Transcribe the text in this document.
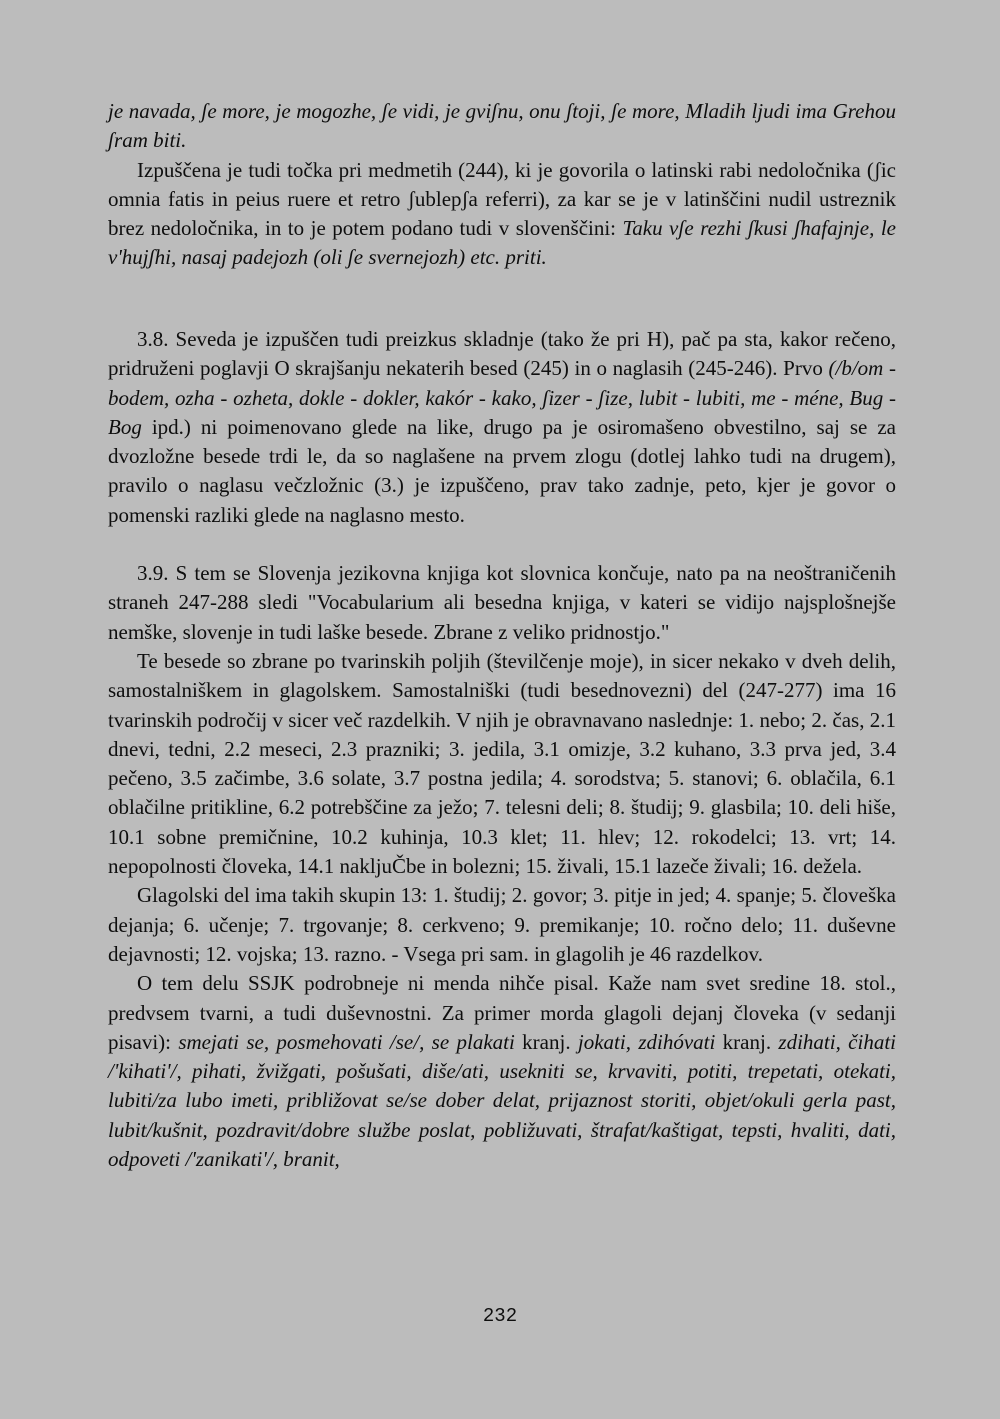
je navada, ʃe more, je mogozhe, ʃe vidi, je gviʃnu, onu ʃtoji, ʃe more, Mladih ljudi ima Grehou ʃram biti.

Izpuščena je tudi točka pri medmetih (244), ki je govorila o latinski rabi nedoločnika (ʃic omnia fatis in peius ruere et retro ʃublepʃa referri), za kar se je v latinščini nudil ustreznik brez nedoločnika, in to je potem podano tudi v slovenščini: Taku vʃe rezhi ʃkusi ʃhafajnje, le v'hujʃhi, nasaj padejozh (oli ʃe svernejozh) etc. priti.

3.8. Seveda je izpuščen tudi preizkus skladnje (tako že pri H), pač pa sta, kakor rečeno, pridruženi poglavji O skrajšanju nekaterih besed (245) in o naglasih (245-246). Prvo (/b/om - bodem, ozha - ozheta, dokle - dokler, kakór - kako, ʃizer - ʃize, lubit - lubiti, me - méne, Bug - Bog ipd.) ni poimenovano glede na like, drugo pa je osiromašeno obvestilno, saj se za dvozložne besede trdi le, da so naglašene na prvem zlogu (dotlej lahko tudi na drugem), pravilo o naglasu večzložnic (3.) je izpuščeno, prav tako zadnje, peto, kjer je govor o pomenski razliki glede na naglasno mesto.

3.9. S tem se Slovenja jezikovna knjiga kot slovnica končuje, nato pa na neoštraničenih straneh 247-288 sledi "Vocabularium ali besedna knjiga, v kateri se vidijo najsplošnejše nemške, slovenje in tudi laške besede. Zbrane z veliko pridnostjo."

Te besede so zbrane po tvarinskih poljih (številčenje moje), in sicer nekako v dveh delih, samostalniškem in glagolskem. Samostalniški (tudi besednovezni) del (247-277) ima 16 tvarinskih področij v sicer več razdelkih. V njih je obravnavano naslednje: 1. nebo; 2. čas, 2.1 dnevi, tedni, 2.2 meseci, 2.3 prazniki; 3. jedila, 3.1 omizje, 3.2 kuhano, 3.3 prva jed, 3.4 pečeno, 3.5 začimbe, 3.6 solate, 3.7 postna jedila; 4. sorodstva; 5. stanovi; 6. oblačila, 6.1 oblačilne pritikline, 6.2 potrebščine za ježo; 7. telesni deli; 8. študij; 9. glasbila; 10. deli hiše, 10.1 sobne premičnine, 10.2 kuhinja, 10.3 klet; 11. hlev; 12. rokodelci; 13. vrt; 14. nepopolnosti človeka, 14.1 nakljuČbe in bolezni; 15. živali, 15.1 lazeče živali; 16. dežela.

Glagolski del ima takih skupin 13: 1. študij; 2. govor; 3. pitje in jed; 4. spanje; 5. človeška dejanja; 6. učenje; 7. trgovanje; 8. cerkveno; 9. premikanje; 10. ročno delo; 11. duševne dejavnosti; 12. vojska; 13. razno. - Vsega pri sam. in glagolih je 46 razdelkov.

O tem delu SSJK podrobneje ni menda nihče pisal. Kaže nam svet sredine 18. stol., predvsem tvarni, a tudi duševnostni. Za primer morda glagoli dejanj človeka (v sedanji pisavi): smejati se, posmehovati /se/, se plakati kranj. jokati, zdihóvati kranj. zdihati, čihati /'kihati'/, pihati, žvižgati, pošušati, diše/ati, usekniti se, krvaviti, potiti, trepetati, otekati, lubiti/za lubo imeti, približovat se/se dober delat, prijaznost storiti, objet/okuli gerla past, lubit/kušnit, pozdravit/dobre službe poslat, pobližuvati, štrafat/kaštigat, tepsti, hvaliti, dati, odpoveti /'zanikati'/, branit,

232
